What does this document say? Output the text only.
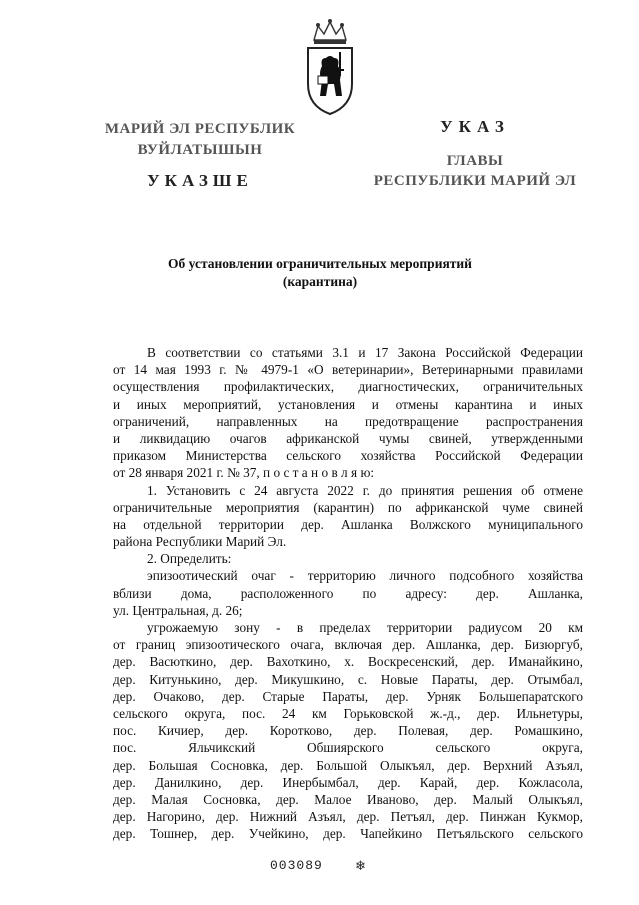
МАРИЙ ЭЛ РЕСПУБЛИК
ВУЙЛАТЫШЫН
УКАЗШЕ
УКАЗ
ГЛАВЫ
РЕСПУБЛИКИ МАРИЙ ЭЛ
Об установлении ограничительных мероприятий
(карантина)
В соответствии со статьями 3.1 и 17 Закона Российской Федерации
от 14 мая 1993 г. № 4979-1 «О ветеринарии», Ветеринарными правилами
осуществления профилактических, диагностических, ограничительных
и иных мероприятий, установления и отмены карантина и иных
ограничений, направленных на предотвращение распространения
и ликвидацию очагов африканской чумы свиней, утвержденными
приказом Министерства сельского хозяйства Российской Федерации
от 28 января 2021 г. № 37, п о с т а н о в л я ю:
1. Установить с 24 августа 2022 г. до принятия решения об отмене
ограничительные мероприятия (карантин) по африканской чуме свиней
на отдельной территории дер. Ашланка Волжского муниципального
района Республики Марий Эл.
2. Определить:
эпизоотический очаг - территорию личного подсобного хозяйства
вблизи дома, расположенного по адресу: дер. Ашланка,
ул. Центральная, д. 26;
угрожаемую зону - в пределах территории радиусом 20 км
от границ эпизоотического очага, включая дер. Ашланка, дер. Бизюргуб,
дер. Васюткино, дер. Вахоткино, х. Воскресенский, дер. Иманайкино,
дер. Китунькино, дер. Микушкино, с. Новые Параты, дер. Отымбал,
дер. Очаково, дер. Старые Параты, дер. Урняк Большепаратского
сельского округа, пос. 24 км Горьковской ж.-д., дер. Ильнетуры,
пос. Кичиер, дер. Коротково, дер. Полевая, дер. Ромашкино,
пос. Яльчикский Обшиярского сельского округа,
дер. Большая Сосновка, дер. Большой Олыкъял, дер. Верхний Азъял,
дер. Данилкино, дер. Инербымбал, дер. Карай, дер. Кожласола,
дер. Малая Сосновка, дер. Малое Иваново, дер. Малый Олыкъял,
дер. Нагорино, дер. Нижний Азъял, дер. Петъял, дер. Пинжан Кукмор,
дер. Тошнер, дер. Учейкино, дер. Чапейкино Петъяльского сельского
003089 ❄
